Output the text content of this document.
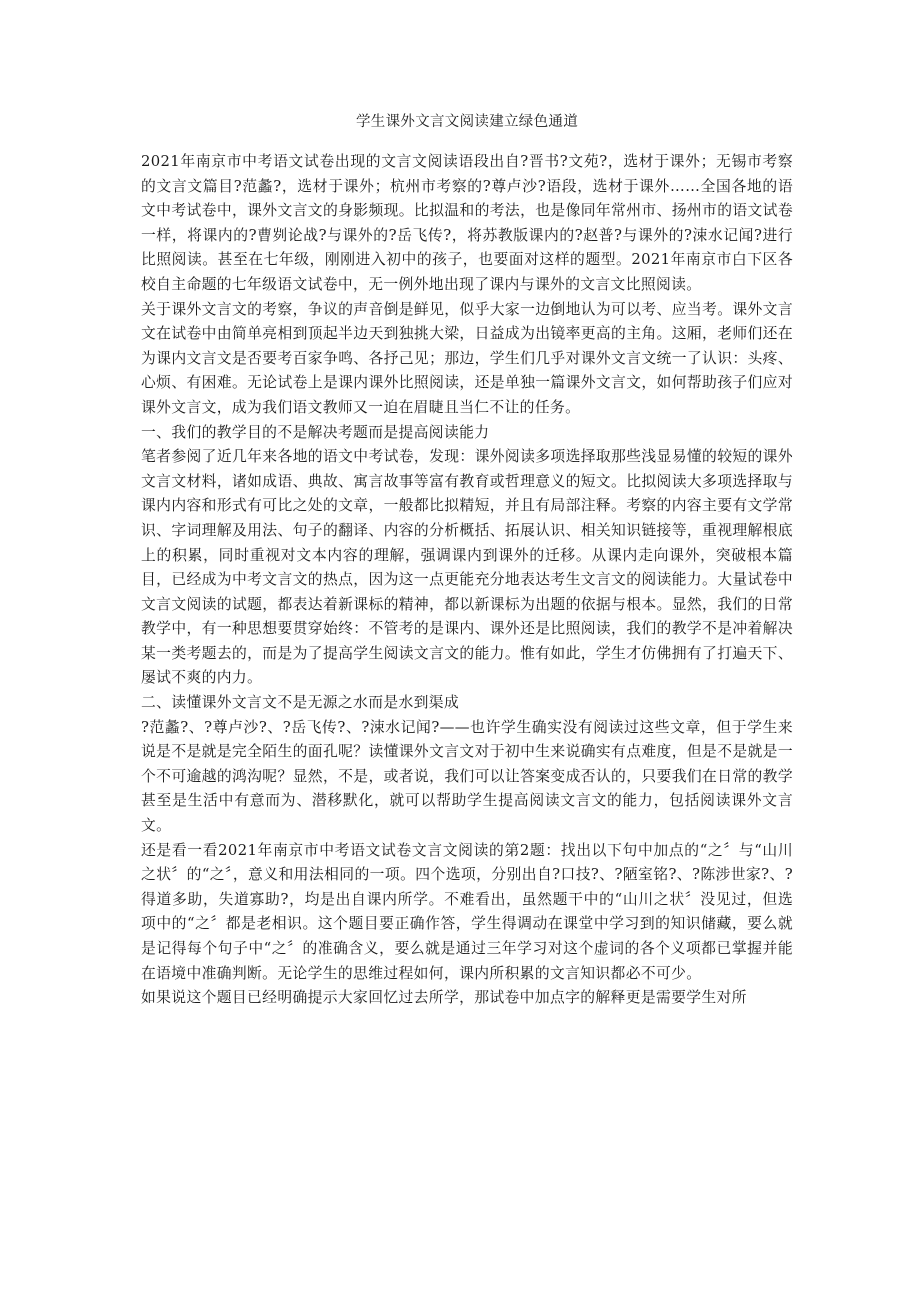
学生课外文言文阅读建立绿色通道

2021年南京市中考语文试卷出现的文言文阅读语段出自?晋书?文苑?，选材于课外；无锡市考察的文言文篇目?范蠡?，选材于课外；杭州市考察的?尊卢沙?语段，选材于课外……全国各地的语文中考试卷中，课外文言文的身影频现。比拟温和的考法，也是像同年常州市、扬州市的语文试卷一样，将课内的?曹刿论战?与课外的?岳飞传?，将苏教版课内的?赵普?与课外的?涑水记闻?进行比照阅读。甚至在七年级，刚刚进入初中的孩子，也要面对这样的题型。2021年南京市白下区各校自主命题的七年级语文试卷中，无一例外地出现了课内与课外的文言文比照阅读。

关于课外文言文的考察，争议的声音倒是鲜见，似乎大家一边倒地认为可以考、应当考。课外文言文在试卷中由简单亮相到顶起半边天到独挑大梁，日益成为出镜率更高的主角。这厢，老师们还在为课内文言文是否要考百家争鸣、各抒己见；那边，学生们几乎对课外文言文统一了认识：头疼、心烦、有困难。无论试卷上是课内课外比照阅读，还是单独一篇课外文言文，如何帮助孩子们应对课外文言文，成为我们语文教师又一迫在眉睫且当仁不让的任务。

一、我们的教学目的不是解决考题而是提高阅读能力

笔者参阅了近几年来各地的语文中考试卷，发现：课外阅读多项选择取那些浅显易懂的较短的课外文言文材料，诸如成语、典故、寓言故事等富有教育或哲理意义的短文。比拟阅读大多项选择取与课内内容和形式有可比之处的文章，一般都比拟精短，并且有局部注释。考察的内容主要有文学常识、字词理解及用法、句子的翻译、内容的分析概括、拓展认识、相关知识链接等，重视理解根底上的积累，同时重视对文本内容的理解，强调课内到课外的迁移。从课内走向课外，突破根本篇目，已经成为中考文言文的热点，因为这一点更能充分地表达考生文言文的阅读能力。大量试卷中文言文阅读的试题，都表达着新课标的精神，都以新课标为出题的依据与根本。显然，我们的日常教学中，有一种思想要贯穿始终：不管考的是课内、课外还是比照阅读，我们的教学不是冲着解决某一类考题去的，而是为了提高学生阅读文言文的能力。惟有如此，学生才仿佛拥有了打遍天下、屡试不爽的内力。

二、读懂课外文言文不是无源之水而是水到渠成

?范蠡?、?尊卢沙?、?岳飞传?、?涑水记闻?——也许学生确实没有阅读过这些文章，但于学生来说是不是就是完全陌生的面孔呢？读懂课外文言文对于初中生来说确实有点难度，但是不是就是一个不可逾越的鸿沟呢？显然，不是，或者说，我们可以让答案变成否认的，只要我们在日常的教学甚至是生活中有意而为、潜移默化，就可以帮助学生提高阅读文言文的能力，包括阅读课外文言文。

还是看一看2021年南京市中考语文试卷文言文阅读的第2题：找出以下句中加点的“之〞与“山川之状〞的“之〞，意义和用法相同的一项。四个选项，分别出自?口技?、?陋室铭?、?陈涉世家?、?得道多助，失道寡助?，均是出自课内所学。不难看出，虽然题干中的“山川之状〞没见过，但选项中的“之〞都是老相识。这个题目要正确作答，学生得调动在课堂中学习到的知识储藏，要么就是记得每个句子中“之〞的准确含义，要么就是通过三年学习对这个虚词的各个义项都已掌握并能在语境中准确判断。无论学生的思维过程如何，课内所积累的文言知识都必不可少。

如果说这个题目已经明确提示大家回忆过去所学，那试卷中加点字的解释更是需要学生对所
